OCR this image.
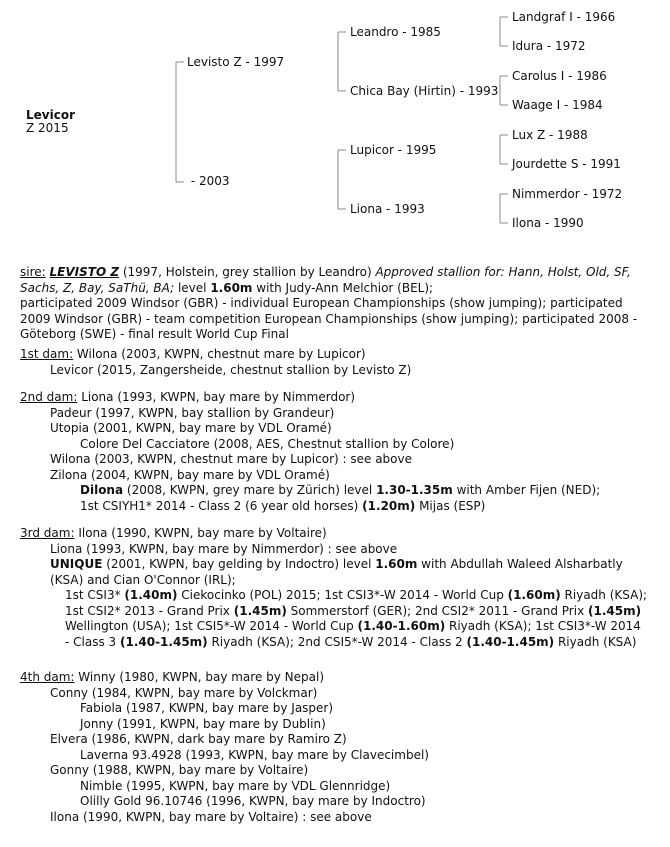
Levicor
Z 2015
Levisto Z - 1997
- 2003
Leandro - 1985
Chica Bay (Hirtin) - 1993
Lupicor - 1995
Liona - 1993
Landgraf I - 1966
Idura - 1972
Carolus I - 1986
Waage I - 1984
Lux Z - 1988
Jourdette S - 1991
Nimmerdor - 1972
Ilona - 1990
sire: LEVISTO Z (1997, Holstein, grey stallion by Leandro) Approved stallion for: Hann, Holst, Old, SF, Sachs, Z, Bay, SaThü, BA; level 1.60m with Judy-Ann Melchior (BEL);
participated 2009 Windsor (GBR) - individual European Championships (show jumping); participated 2009 Windsor (GBR) - team competition European Championships (show jumping); participated 2008 - Göteborg (SWE) - final result World Cup Final
1st dam: Wilona (2003, KWPN, chestnut mare by Lupicor)
Levicor (2015, Zangersheide, chestnut stallion by Levisto Z)
2nd dam: Liona (1993, KWPN, bay mare by Nimmerdor)
Padeur (1997, KWPN, bay stallion by Grandeur)
Utopia (2001, KWPN, bay mare by VDL Oramé)
Colore Del Cacciatore (2008, AES, Chestnut stallion by Colore)
Wilona (2003, KWPN, chestnut mare by Lupicor) : see above
Zilona (2004, KWPN, bay mare by VDL Oramé)
Dilona (2008, KWPN, grey mare by Zürich) level 1.30-1.35m with Amber Fijen (NED);
1st CSIYH1* 2014 - Class 2 (6 year old horses) (1.20m) Mijas (ESP)
3rd dam: Ilona (1990, KWPN, bay mare by Voltaire)
Liona (1993, KWPN, bay mare by Nimmerdor) : see above
UNIQUE (2001, KWPN, bay gelding by Indoctro) level 1.60m with Abdullah Waleed Alsharbatly (KSA) and Cian O'Connor (IRL);
1st CSI3* (1.40m) Ciekocinko (POL) 2015; 1st CSI3*-W 2014 - World Cup (1.60m) Riyadh (KSA); 1st CSI2* 2013 - Grand Prix (1.45m) Sommerstorf (GER); 2nd CSI2* 2011 - Grand Prix (1.45m) Wellington (USA); 1st CSI5*-W 2014 - World Cup (1.40-1.60m) Riyadh (KSA); 1st CSI3*-W 2014 - Class 3 (1.40-1.45m) Riyadh (KSA); 2nd CSI5*-W 2014 - Class 2 (1.40-1.45m) Riyadh (KSA)
4th dam: Winny (1980, KWPN, bay mare by Nepal)
Conny (1984, KWPN, bay mare by Volckmar)
Fabiola (1987, KWPN, bay mare by Jasper)
Jonny (1991, KWPN, bay mare by Dublin)
Elvera (1986, KWPN, dark bay mare by Ramiro Z)
Laverna 93.4928 (1993, KWPN, bay mare by Clavecimbel)
Gonny (1988, KWPN, bay mare by Voltaire)
Nimble (1995, KWPN, bay mare by VDL Glennridge)
Olilly Gold 96.10746 (1996, KWPN, bay mare by Indoctro)
Ilona (1990, KWPN, bay mare by Voltaire) : see above
